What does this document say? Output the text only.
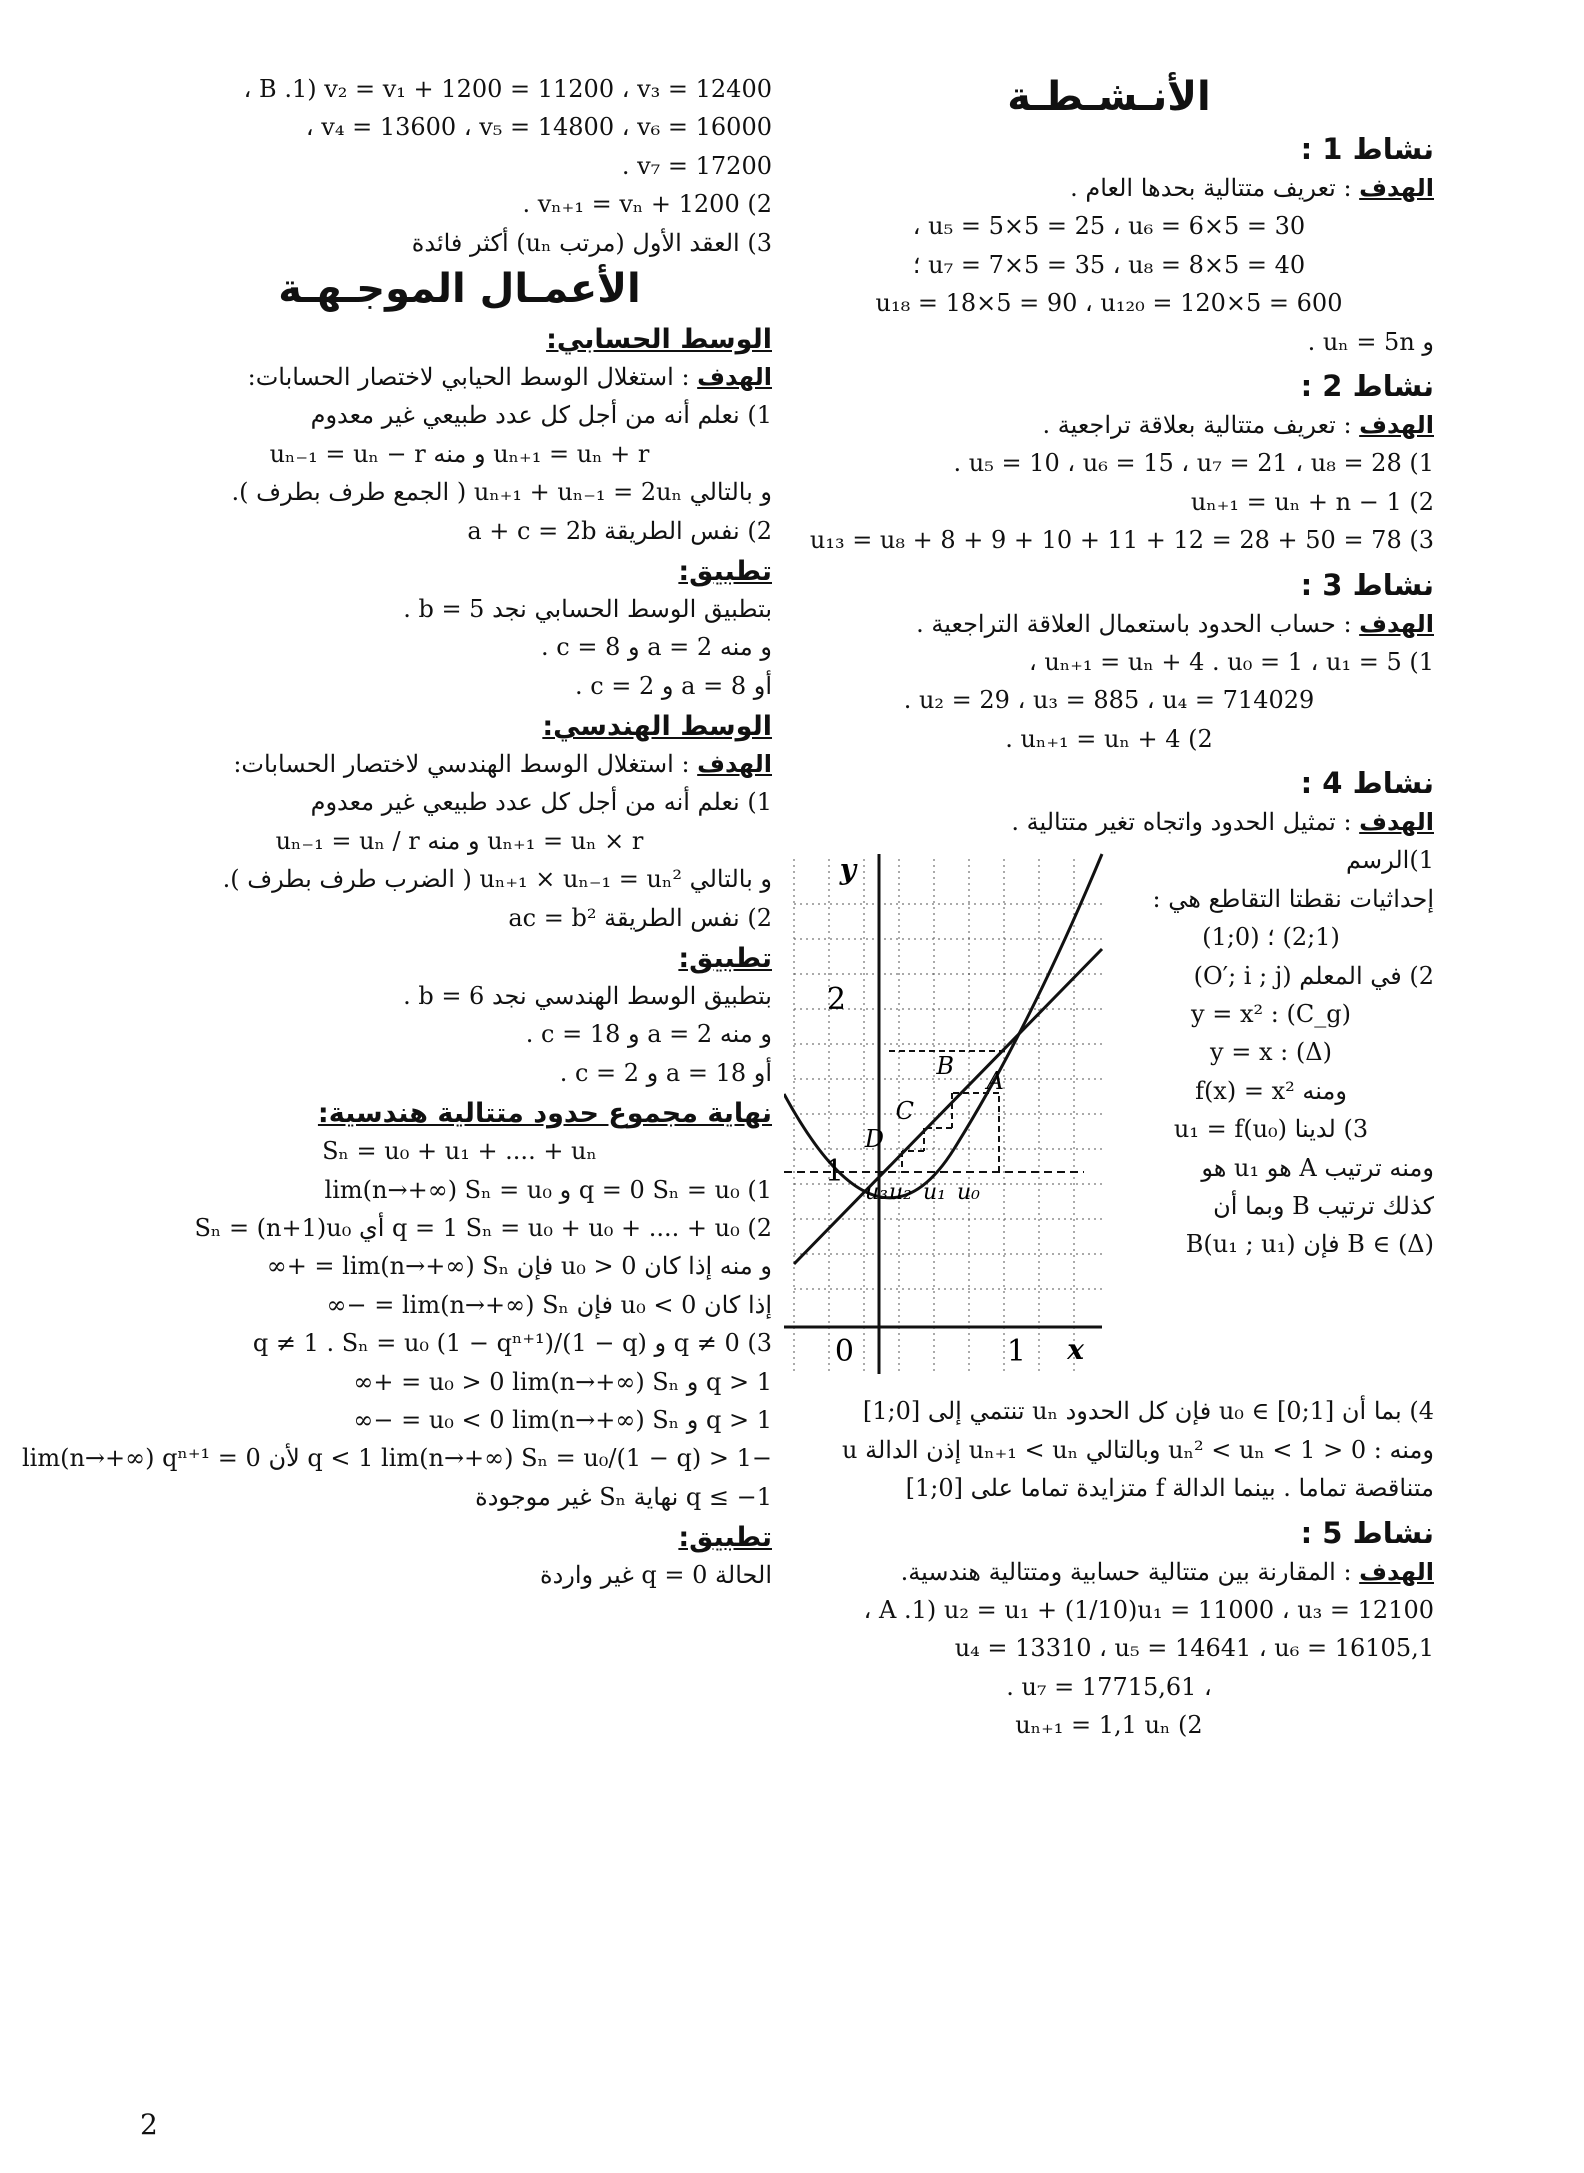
الأنـشـطـة
نشاط 1 :

الهدف : تعريف متتالية بحدها العام .

u₅ = 5×5 = 25 ، u₆ = 6×5 = 30 ،

u₇ = 7×5 = 35 ، u₈ = 8×5 = 40 ؛

u₁₈ = 18×5 = 90 ، u₁₂₀ = 120×5 = 600

و uₙ = 5n .

نشاط 2 :

الهدف : تعريف متتالية بعلاقة تراجعية .

1) u₅ = 10 ، u₆ = 15 ، u₇ = 21 ، u₈ = 28 .

2) uₙ₊₁ = uₙ + n − 1

3) u₁₃ = u₈ + 8 + 9 + 10 + 11 + 12 = 28 + 50 = 78

نشاط 3 :

الهدف : حساب الحدود باستعمال العلاقة التراجعية .

1) uₙ₊₁ = uₙ + 4 . u₀ = 1 ، u₁ = 5 ،

u₂ = 29 ، u₃ = 885 ، u₄ = 714029 .

2) uₙ₊₁ = uₙ + 4 .

نشاط 4 :

الهدف : تمثيل الحدود واتجاه تغير متتالية .

y
x
2
1
0	1
A
B
C
D
u₃ u₂ u₁ u₀

1)الرسم

إحداثيات نقطتا التقاطع هي :

(1;2) ؛ (0;1)

2) في المعلم (O′; i ; j)

(C_g) : y = x²

(Δ) : y = x

ومنه f(x) = x²

3) لدينا u₁ = f(u₀)

ومنه ترتيب A هو u₁ هو

كذلك ترتيب B وبما أن

B ∈ (Δ) فإن B(u₁ ; u₁)

4) بما أن u₀ ∈ [0;1] فإن كل الحدود uₙ تنتمي إلى [0;1]

ومنه : 0 < uₙ² < uₙ < 1 وبالتالي uₙ₊₁ < uₙ إذن الدالة u

متناقصة تماما . بينما الدالة f متزايدة تماما على [0;1]

نشاط 5 :

الهدف : المقارنة بين متتالية حسابية ومتتالية هندسية.

A .1) u₂ = u₁ + (1/10)u₁ = 11000 ، u₃ = 12100 ،

u₄ = 13310 ، u₅ = 14641 ، u₆ = 16105,1

، u₇ = 17715,61 .

2) uₙ₊₁ = 1,1 uₙ

B .1) v₂ = v₁ + 1200 = 11200 ، v₃ = 12400 ،

v₄ = 13600 ، v₅ = 14800 ، v₆ = 16000 ،

v₇ = 17200 .

2) vₙ₊₁ = vₙ + 1200 .

3) العقد الأول (مرتب uₙ) أكثر فائدة

الأعمـال الموجـهـة
الوسط الحسابي:

الهدف : استغلال الوسط الحيابي لاختصار الحسابات:

1) نعلم أنه من أجل كل عدد طبيعي غير معدوم

uₙ₊₁ = uₙ + r و منه uₙ₋₁ = uₙ − r

و بالتالي uₙ₊₁ + uₙ₋₁ = 2uₙ ( الجمع طرف بطرف ).

2) نفس الطريقة a + c = 2b

تطبيق:

بتطبيق الوسط الحسابي نجد b = 5 .

و منه a = 2 و c = 8 .

أو a = 8 و c = 2 .

الوسط الهندسي:

الهدف : استغلال الوسط الهندسي لاختصار الحسابات:

1) نعلم أنه من أجل كل عدد طبيعي غير معدوم

uₙ₊₁ = uₙ × r و منه uₙ₋₁ = uₙ / r

و بالتالي uₙ₊₁ × uₙ₋₁ = uₙ² ( الضرب طرف بطرف ).

2) نفس الطريقة ac = b²

تطبيق:

بتطبيق الوسط الهندسي نجد b = 6 .

و منه a = 2 و c = 18 .

أو a = 18 و c = 2 .

نهاية مجموع حدود متتالية هندسية:

Sₙ = u₀ + u₁ + .... + uₙ

1) q = 0 Sₙ = u₀ و lim(n→+∞) Sₙ = u₀

2) q = 1 Sₙ = u₀ + u₀ + .... + u₀ أي Sₙ = (n+1)u₀

و منه إذا كان u₀ > 0 فإن lim(n→+∞) Sₙ = +∞

إذا كان u₀ < 0 فإن lim(n→+∞) Sₙ = −∞

3) q ≠ 0 و q ≠ 1 . Sₙ = u₀ (1 − qⁿ⁺¹)/(1 − q)

q > 1 و u₀ > 0 lim(n→+∞) Sₙ = +∞

q > 1 و u₀ < 0 lim(n→+∞) Sₙ = −∞

−1 < q < 1 lim(n→+∞) Sₙ = u₀/(1 − q) لأن lim(n→+∞) qⁿ⁺¹ = 0

q ≤ −1 نهاية Sₙ غير موجودة

تطبيق:

الحالة q = 0 غير واردة

2
